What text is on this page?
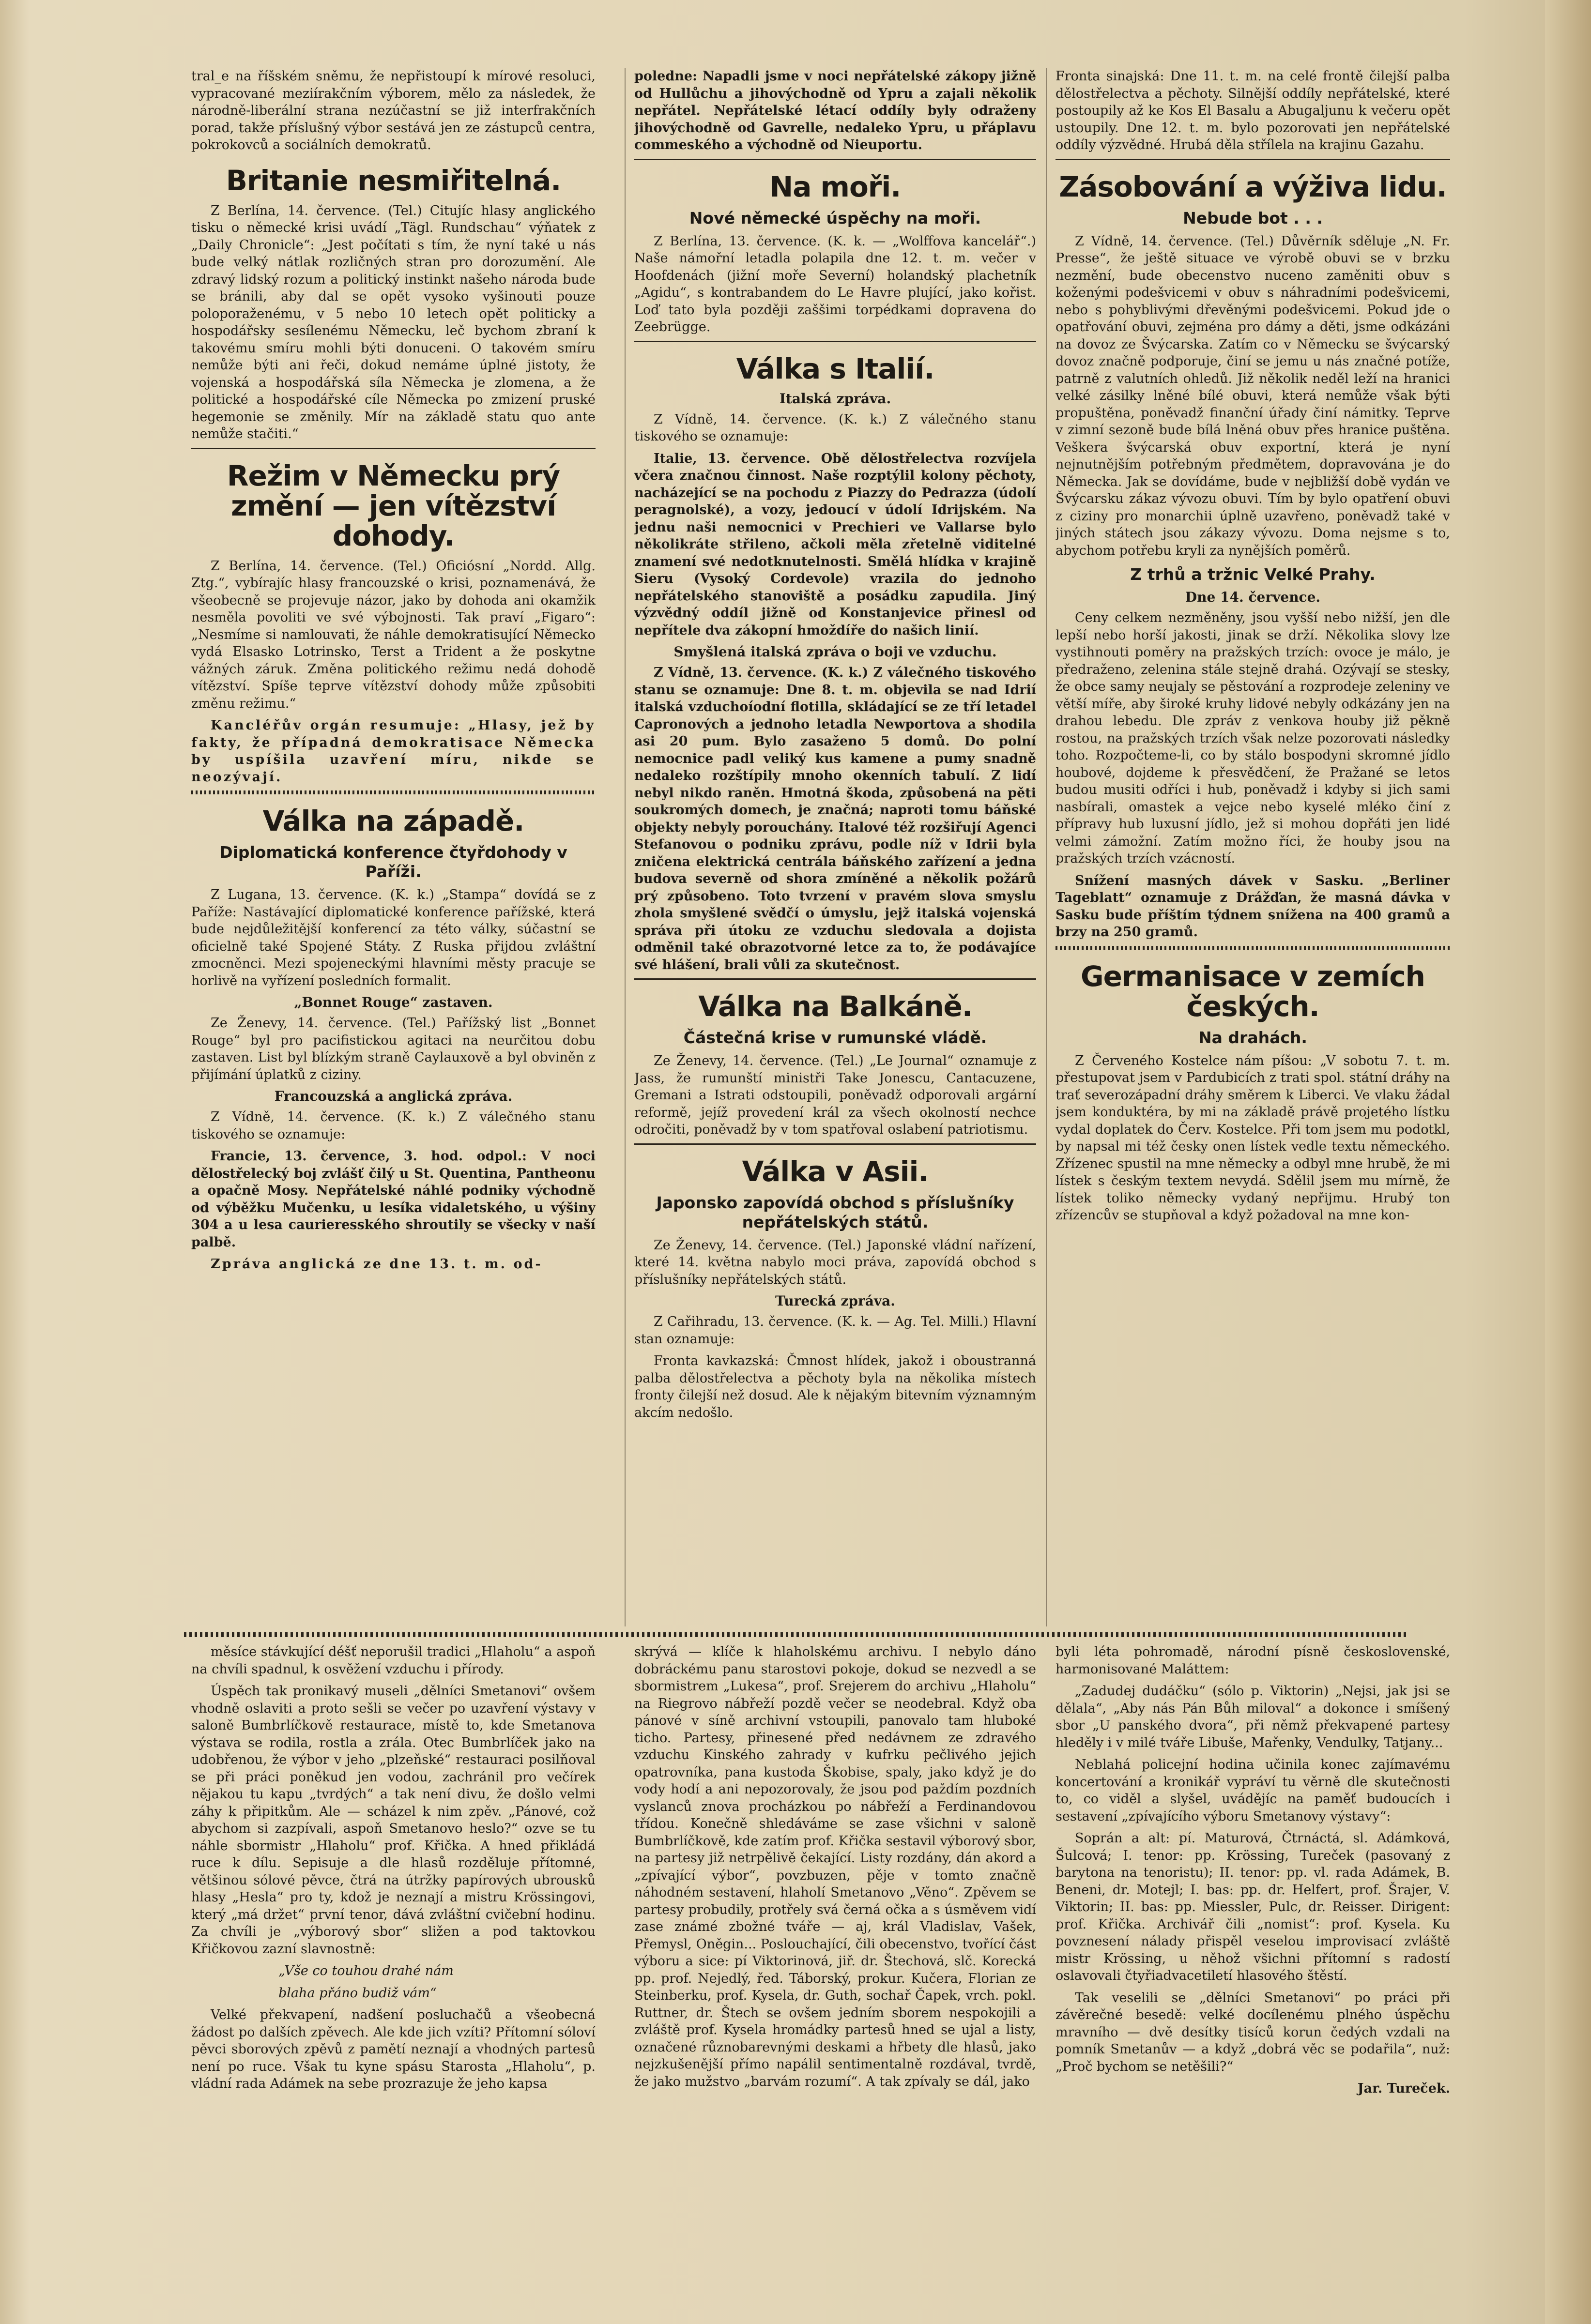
tral_e na říšském sněmu, že nepřistoupí k mírové resoluci, vypracované meziírakčním výborem, mělo za následek, že národně-liberální strana nezúčastní se již interfrakčních porad, takže příslušný výbor sestává jen ze zástupců centra, pokrokovců a sociálních demokratů.

Britanie nesmiřitelná.

Z Berlína, 14. července. (Tel.) Citujíc hlasy anglického tisku o německé krisi uvádí „Tägl. Rundschau“ výňatek z „Daily Chronicle“: „Jest počítati s tím, že nyní také u nás bude velký nátlak rozličných stran pro dorozumění. Ale zdravý lidský rozum a politický instinkt našeho národa bude se bránili, aby dal se opět vysoko vyšinouti pouze poloporaženému, v 5 nebo 10 letech opět politicky a hospodářsky sesílenému Německu, leč bychom zbraní k takovému smíru mohli býti donuceni. O takovém smíru nemůže býti ani řeči, dokud nemáme úplné jistoty, že vojenská a hospodářská síla Německa je zlomena, a že politické a hospodářské cíle Německa po zmizení pruské hegemonie se změnily. Mír na základě statu quo ante nemůže stačiti.“

Režim v Německu prý změní — jen vítězství dohody.

Z Berlína, 14. července. (Tel.) Oficiósní „Nordd. Allg. Ztg.“, vybírajíc hlasy francouzské o krisi, poznamenává, že všeobecně se projevuje názor, jako by dohoda ani okamžik nesměla povoliti ve své výbojnosti. Tak praví „Figaro“: „Nesmíme si namlouvati, že náhle demokratisující Německo vydá Elsasko Lotrinsko, Terst a Trident a že poskytne vážných záruk. Změna politického režimu nedá dohodě vítězství. Spíše teprve vítězství dohody může způsobiti změnu režimu.“

Kancléřův orgán resumuje: „Hlasy, jež by fakty, že případná demokratisace Německa by uspíšila uzavření míru, nikde se neozývají.

Válka na západě.
Diplomatická konference čtyřdohody v Paříži.

Z Lugana, 13. července. (K. k.) „Stampa“ dovídá se z Paříže: Nastávající diplomatické konference pařížské, která bude nejdůležitější konferencí za této války, súčastní se oficielně také Spojené Státy. Z Ruska přijdou zvláštní zmocněnci. Mezi spojeneckými hlavními městy pracuje se horlivě na vyřízení posledních formalit.

„Bonnet Rouge“ zastaven.

Ze Ženevy, 14. července. (Tel.) Pařížský list „Bonnet Rouge“ byl pro pacifistickou agitaci na neurčitou dobu zastaven. List byl blízkým straně Caylauxově a byl obviněn z přijímání úplatků z ciziny.

Francouzská a anglická zpráva.

Z Vídně, 14. července. (K. k.) Z válečného stanu tiskového se oznamuje:

Francie, 13. července, 3. hod. odpol.: V noci dělostřelecký boj zvlášť čilý u St. Quentina, Pantheonu a opačně Mosy. Nepřátelské náhlé podniky východně od výběžku Mučenku, u lesíka vidaletského, u výšiny 304 a u lesa caurieresského shroutily se všecky v naší palbě.

Zpráva anglická ze dne 13. t. m. od-

poledne: Napadli jsme v noci nepřátelské zákopy jižně od Hullůchu a jihovýchodně od Ypru a zajali několik nepřátel. Nepřátelské létací oddíly byly odraženy jihovýchodně od Gavrelle, nedaleko Ypru, u přáplavu commeského a východně od Nieuportu.

Na moři.
Nové německé úspěchy na moři.

Z Berlína, 13. července. (K. k. — „Wolffova kancelář“.) Naše námořní letadla polapila dne 12. t. m. večer v Hoofdenách (jižní moře Severní) holandský plachetník „Agidu“, s kontrabandem do Le Havre plující, jako kořist. Loď tato byla později zaššimi torpédkami dopravena do Zeebrügge.

Válka s Italií.
Italská zpráva.

Z Vídně, 14. července. (K. k.) Z válečného stanu tiskového se oznamuje:

Italie, 13. července. Obě dělostřelectva rozvíjela včera značnou činnost. Naše rozptýlil kolony pěchoty, nacházející se na pochodu z Piazzy do Pedrazza (údolí peragnolské), a vozy, jedoucí v údolí Idrijském. Na jednu naši nemocnici v Prechieri ve Vallarse bylo několikráte střileno, ačkoli měla zřetelně viditelné znamení své nedotknutelnosti. Smělá hlídka v krajině Sieru (Vysoký Cordevole) vrazila do jednoho nepřátelského stanoviště a posádku zapudila. Jiný výzvědný oddíl jižně od Konstanjevice přinesl od nepřítele dva zákopní hmoždíře do našich linií.

Smyšlená italská zpráva o boji ve vzduchu.

Z Vídně, 13. července. (K. k.) Z válečného tiskového stanu se oznamuje: Dne 8. t. m. objevila se nad Idrií italská vzduchoíodní flotilla, skládající se ze tří letadel Capronových a jednoho letadla Newportova a shodila asi 20 pum. Bylo zasaženo 5 domů. Do polní nemocnice padl veliký kus kamene a pumy snadně nedaleko rozštípily mnoho okenních tabulí. Z lidí nebyl nikdo raněn. Hmotná škoda, způsobená na pěti soukromých domech, je značná; naproti tomu báňské objekty nebyly porouchány. Italové též rozšiřují Agenci Stefanovou o podniku zprávu, podle níž v Idrii byla zničena elektrická centrála báňského zařízení a jedna budova severně od shora zmíněné a několik požárů prý způsobeno. Toto tvrzení v pravém slova smyslu zhola smyšlené svědčí o úmyslu, jejž italská vojenská správa při útoku ze vzduchu sledovala a dojista odměnil také obrazotvorné letce za to, že podávajíce své hlášení, brali vůli za skutečnost.

Válka na Balkáně.
Částečná krise v rumunské vládě.

Ze Ženevy, 14. července. (Tel.) „Le Journal“ oznamuje z Jass, že rumunští ministři Take Jonescu, Cantacuzene, Gremani a Istrati odstoupili, poněvadž odporovali argární reformě, jejíž provedení král za všech okolností nechce odročiti, poněvadž by v tom spatřoval oslabení patriotismu.

Válka v Asii.
Japonsko zapovídá obchod s příslušníky nepřátelských států.

Ze Ženevy, 14. července. (Tel.) Japonské vládní nařízení, které 14. května nabylo moci práva, zapovídá obchod s příslušníky nepřátelských států.

Turecká zpráva.

Z Cařihradu, 13. července. (K. k. — Ag. Tel. Milli.) Hlavní stan oznamuje:

Fronta kavkazská: Čmnost hlídek, jakož i oboustranná palba dělostřelectva a pěchoty byla na několika místech fronty čilejší než dosud. Ale k nějakým bitevním významným akcím nedošlo.

Fronta sinajská: Dne 11. t. m. na celé frontě čilejší palba dělostřelectva a pěchoty. Silnější oddíly nepřátelské, které postoupily až ke Kos El Basalu a Abugaljunu k večeru opět ustoupily. Dne 12. t. m. bylo pozorovati jen nepřátelské oddíly výzvědné. Hrubá děla střílela na krajinu Gazahu.

Zásobování a výživa lidu.
Nebude bot . . .

Z Vídně, 14. července. (Tel.) Důvěrník sděluje „N. Fr. Presse“, že ještě situace ve výrobě obuvi se v brzku nezmění, bude obecenstvo nuceno zaměniti obuv s koženými podešvicemi v obuv s náhradními podešvicemi, nebo s pohyblivými dřevěnými podešvicemi. Pokud jde o opatřování obuvi, zejména pro dámy a děti, jsme odkázáni na dovoz ze Švýcarska. Zatím co v Německu se švýcarský dovoz značně podporuje, činí se jemu u nás značné potíže, patrně z valutních ohledů. Již několik neděl leží na hranici velké zásilky lněné bílé obuvi, která nemůže však býti propuštěna, poněvadž finanční úřady činí námitky. Teprve v zimní sezoně bude bílá lněná obuv přes hranice puštěna. Veškera švýcarská obuv exportní, která je nyní nejnutnějším potřebným předmětem, dopravována je do Německa. Jak se dovídáme, bude v nejbližší době vydán ve Švýcarsku zákaz vývozu obuvi. Tím by bylo opatření obuvi z ciziny pro monarchii úplně uzavřeno, poněvadž také v jiných státech jsou zákazy vývozu. Doma nejsme s to, abychom potřebu kryli za nynějších poměrů.

Z trhů a tržnic Velké Prahy.
Dne 14. července.

Ceny celkem nezměněny, jsou vyšší nebo nižší, jen dle lepší nebo horší jakosti, jinak se drží. Několika slovy lze vystihnouti poměry na pražských trzích: ovoce je málo, je předraženo, zelenina stále stejně drahá. Ozývají se stesky, že obce samy neujaly se pěstování a rozprodeje zeleniny ve větší míře, aby široké kruhy lidové nebyly odkázány jen na drahou lebedu. Dle zpráv z venkova houby již pěkně rostou, na pražských trzích však nelze pozorovati následky toho. Rozpočteme-li, co by stálo bospodyni skromné jídlo houbové, dojdeme k přesvědčení, že Pražané se letos budou musiti odříci i hub, poněvadž i kdyby si jich sami nasbírali, omastek a vejce nebo kyselé mléko činí z přípravy hub luxusní jídlo, jež si mohou dopřáti jen lidé velmi zámožní. Zatím možno říci, že houby jsou na pražských trzích vzácností.

Snížení masných dávek v Sasku. „Berliner Tageblatt“ oznamuje z Drážďan, že masná dávka v Sasku bude příštím týdnem snížena na 400 gramů a brzy na 250 gramů.

Germanisace v zemích českých.
Na drahách.

Z Červeného Kostelce nám píšou: „V sobotu 7. t. m. přestupovat jsem v Pardubicích z trati spol. státní dráhy na trať severozápadní dráhy směrem k Liberci. Ve vlaku žádal jsem konduktéra, by mi na základě právě projetého lístku vydal doplatek do Červ. Kostelce. Při tom jsem mu podotkl, by napsal mi též česky onen lístek vedle textu německého. Zřízenec spustil na mne německy a odbyl mne hrubě, že mi lístek s českým textem nevydá. Sdělil jsem mu mírně, že lístek toliko německy vydaný nepřijmu. Hrubý ton zřízencův se stupňoval a když požadoval na mne kon-

měsíce stávkující déšť neporušil tradici „Hlaholu“ a aspoň na chvíli spadnul, k osvěžení vzduchu i přírody.

Úspěch tak pronikavý museli „dělníci Smetanovi“ ovšem vhodně oslaviti a proto sešli se večer po uzavření výstavy v saloně Bumbrlíčkově restaurace, místě to, kde Smetanova výstava se rodila, rostla a zrála. Otec Bumbrlíček jako na udobřenou, že výbor v jeho „plzeňské“ restauraci posilňoval se při práci poněkud jen vodou, zachránil pro večírek nějakou tu kapu „tvrdých“ a tak není divu, že došlo velmi záhy k připitkům. Ale — scházel k nim zpěv. „Pánové, což abychom si zazpívali, aspoň Smetanovo heslo?“ ozve se tu náhle sbormistr „Hlaholu“ prof. Křička. A hned přikládá ruce k dílu. Sepisuje a dle hlasů rozděluje přítomné, většinou sólové pěvce, čtrá na útržky papírových ubrousků hlasy „Hesla“ pro ty, kdož je neznají a mistru Krössingovi, který „má držet“ první tenor, dává zvláštní cvičební hodinu. Za chvíli je „výborový sbor“ sližen a pod taktovkou Křičkovou zazní slavnostně:

„Vše co touhou drahé nám

blaha přáno budiž vám“

Velké překvapení, nadšení posluchačů a všeobecná žádost po dalších zpěvech. Ale kde jich vzíti? Přítomní sóloví pěvci sborových zpěvů z pamětí neznají a vhodných partesů není po ruce. Však tu kyne spásu Starosta „Hlaholu“, p. vládní rada Adámek na sebe prozrazuje že jeho kapsa

skrývá — klíče k hlaholskému archivu. I nebylo dáno dobráckému panu starostovi pokoje, dokud se nezvedl a se sbormistrem „Lukesa“, prof. Srejerem do archivu „Hlaholu“ na Riegrovo nábřeží pozdě večer se neodebral. Když oba pánové v síně archivní vstoupili, panovalo tam hluboké ticho. Partesy, přinesené před nedávnem ze zdravého vzduchu Kinského zahrady v kufrku pečlivého jejich opatrovníka, pana kustoda Škobise, spaly, jako když je do vody hodí a ani nepozorovaly, že jsou pod paždím pozdních vyslanců znova procházkou po nábřeží a Ferdinandovou třídou. Konečně shledáváme se zase všichni v saloně Bumbrlíčkově, kde zatím prof. Křička sestavil výborový sbor, na partesy již netrpělivě čekající. Listy rozdány, dán akord a „zpívající výbor“, povzbuzen, pěje v tomto značně náhodném sestavení, hlaholí Smetanovo „Věno“. Zpěvem se partesy probudily, protřely svá černá očka a s úsměvem vidí zase známé zbožné tváře — aj, král Vladislav, Vašek, Přemysl, Oněgin... Poslouchající, čili obecenstvo, tvořící část výboru a sice: pí Viktorinová, jiř. dr. Štechová, slč. Korecká pp. prof. Nejedlý, řed. Táborský, prokur. Kučera, Florian ze Steinberku, prof. Kysela, dr. Guth, sochař Čapek, vrch. pokl. Ruttner, dr. Štech se ovšem jedním sborem nespokojili a zvláště prof. Kysela hromádky partesů hned se ujal a listy, označené různobarevnými deskami a hřbety dle hlasů, jako nejzkušenější přímo napálil sentimentalně rozdával, tvrdě, že jako mužstvo „barvám rozumí“. A tak zpívaly se dál, jako

byli léta pohromadě, národní písně československé, harmonisované Maláttem:

„Zadudej dudáčku“ (sólo p. Viktorin) „Nejsi, jak jsi se dělala“, „Aby nás Pán Bůh miloval“ a dokonce i smíšený sbor „U panského dvora“, při němž překvapené partesy hleděly i v milé tváře Libuše, Mařenky, Vendulky, Tatjany...

Neblahá policejní hodina učinila konec zajímavému koncertování a kronikář vypráví tu věrně dle skutečnosti to, co viděl a slyšel, uvádějíc na paměť budoucích i sestavení „zpívajícího výboru Smetanovy výstavy“:

Soprán a alt: pí. Maturová, Čtrnáctá, sl. Adámková, Šulcová; I. tenor: pp. Krössing, Tureček (pasovaný z barytona na tenoristu); II. tenor: pp. vl. rada Adámek, B. Beneni, dr. Motejl; I. bas: pp. dr. Helfert, prof. Šrajer, V. Viktorin; II. bas: pp. Miessler, Pulc, dr. Reisser. Dirigent: prof. Křička. Archivář čili „nomist“: prof. Kysela. Ku povznesení nálady přispěl veselou improvisací zvláště mistr Krössing, u něhož všichni přítomní s radostí oslavovali čtyřiadvacetiletí hlasového štěstí.

Tak veselili se „dělníci Smetanovi“ po práci při závěrečné besedě: velké docílenému plného úspěchu mravního — dvě desítky tisíců korun čedých vzdali na pomník Smetanův — a když „dobrá věc se podařila“, nuž: „Proč bychom se netěšili?“

Jar. Tureček.
